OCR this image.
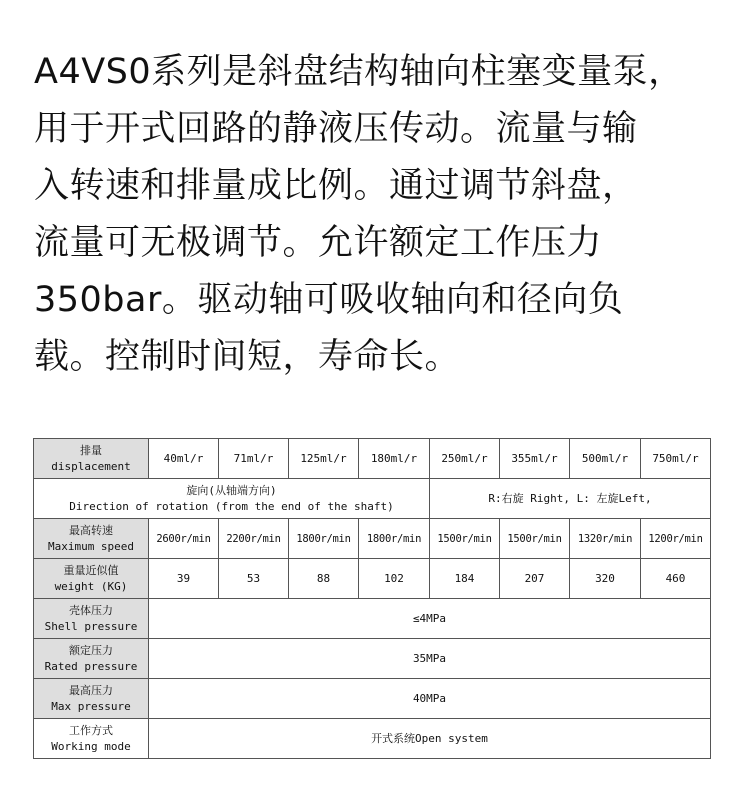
A4VS0系列是斜盘结构轴向柱塞变量泵，
用于开式回路的静液压传动。流量与输
入转速和排量成比例。通过调节斜盘，
流量可无极调节。允许额定工作压力
350bar。驱动轴可吸收轴向和径向负
载。控制时间短，寿命长。
排量
displacement	40ml/r	71ml/r	125ml/r	180ml/r	250ml/r	355ml/r	500ml/r	750ml/r

旋向(从轴端方向)
Direction of rotation (from the end of the shaft)					R:右旋 Right, L: 左旋Left,			

最高转速
Maximum speed	2600r/min	2200r/min	1800r/min	1800r/min	1500r/min	1500r/min	1320r/min	1200r/min

重量近似值
weight (KG)	39	53	88	102	184	207	320	460

壳体压力
Shell pressure	≤4MPa							

额定压力
Rated pressure	35MPa							

最高压力
Max pressure	40MPa							

工作方式
Working mode	开式系统Open system							
